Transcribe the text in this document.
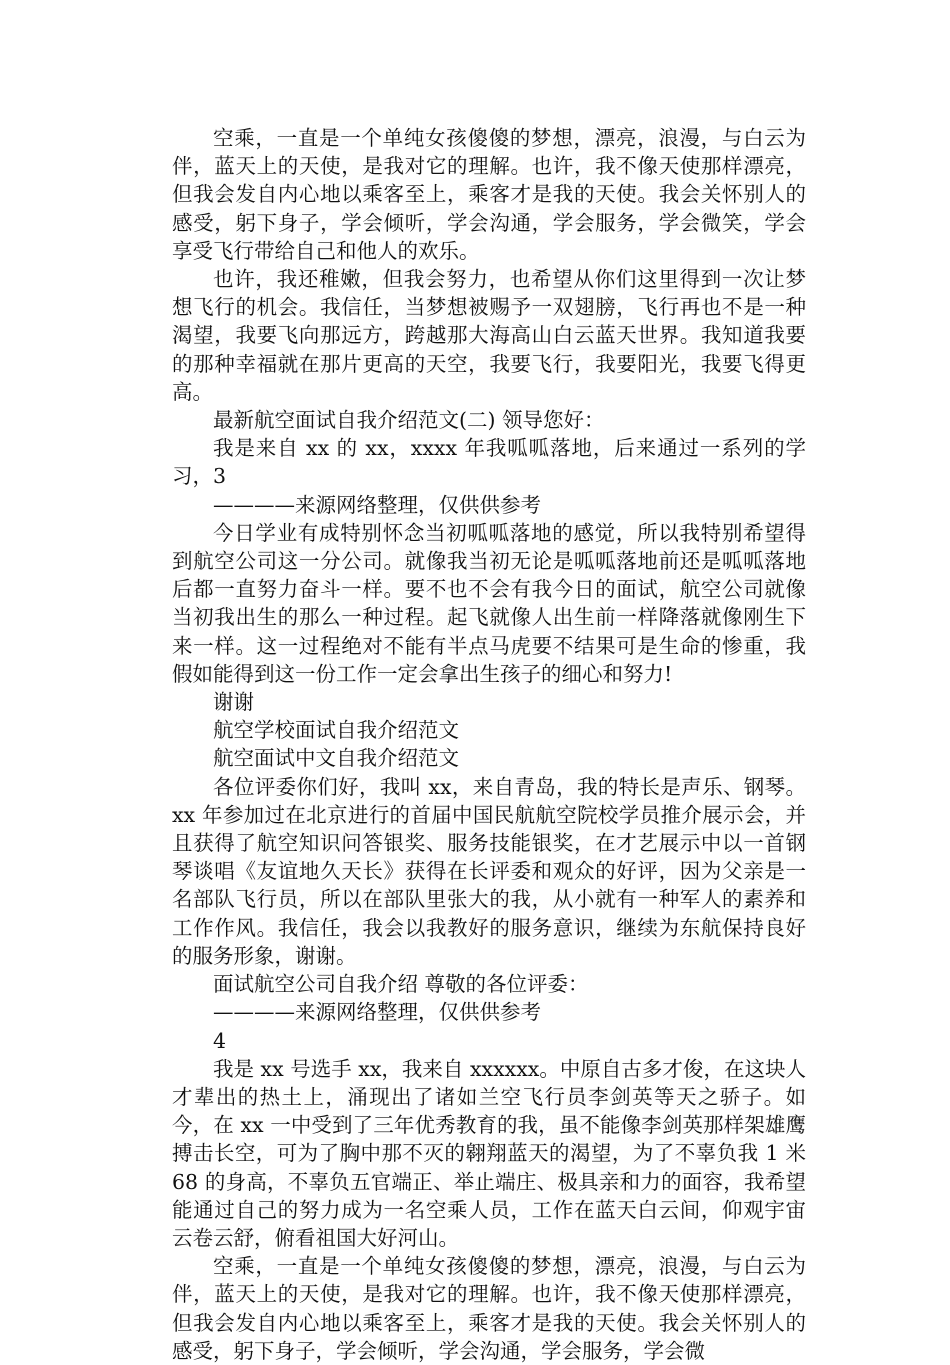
空乘，一直是一个单纯女孩傻傻的梦想，漂亮，浪漫，与白云为伴，蓝天上的天使，是我对它的理解。也许，我不像天使那样漂亮，但我会发自内心地以乘客至上，乘客才是我的天使。我会关怀别人的感受，躬下身子，学会倾听，学会沟通，学会服务，学会微笑，学会享受飞行带给自己和他人的欢乐。

也许，我还稚嫩，但我会努力，也希望从你们这里得到一次让梦想飞行的机会。我信任，当梦想被赐予一双翅膀，飞行再也不是一种渴望，我要飞向那远方，跨越那大海高山白云蓝天世界。我知道我要的那种幸福就在那片更高的天空，我要飞行，我要阳光，我要飞得更高。

最新航空面试自我介绍范文(二) 领导您好：

我是来自 xx 的 xx，xxxx 年我呱呱落地，后来通过一系列的学习，3

————来源网络整理，仅供供参考

今日学业有成特别怀念当初呱呱落地的感觉，所以我特别希望得到航空公司这一分公司。就像我当初无论是呱呱落地前还是呱呱落地后都一直努力奋斗一样。要不也不会有我今日的面试，航空公司就像当初我出生的那么一种过程。起飞就像人出生前一样降落就像刚生下来一样。这一过程绝对不能有半点马虎要不结果可是生命的惨重，我假如能得到这一份工作一定会拿出生孩子的细心和努力!

谢谢

航空学校面试自我介绍范文

航空面试中文自我介绍范文

各位评委你们好，我叫 xx，来自青岛，我的特长是声乐、钢琴。xx 年参加过在北京进行的首届中国民航航空院校学员推介展示会，并且获得了航空知识问答银奖、服务技能银奖，在才艺展示中以一首钢琴谈唱《友谊地久天长》获得在长评委和观众的好评，因为父亲是一名部队飞行员，所以在部队里张大的我，从小就有一种军人的素养和工作作风。我信任，我会以我教好的服务意识，继续为东航保持良好的服务形象，谢谢。

面试航空公司自我介绍 尊敬的各位评委：

————来源网络整理，仅供供参考

4

我是 xx 号选手 xx，我来自 xxxxxx。中原自古多才俊，在这块人才辈出的热土上，涌现出了诸如兰空飞行员李剑英等天之骄子。如今，在 xx 一中受到了三年优秀教育的我，虽不能像李剑英那样架雄鹰搏击长空，可为了胸中那不灭的翱翔蓝天的渴望，为了不辜负我 1 米 68 的身高，不辜负五官端正、举止端庄、极具亲和力的面容，我希望能通过自己的努力成为一名空乘人员，工作在蓝天白云间，仰观宇宙云卷云舒，俯看祖国大好河山。

空乘，一直是一个单纯女孩傻傻的梦想，漂亮，浪漫，与白云为伴，蓝天上的天使，是我对它的理解。也许，我不像天使那样漂亮，但我会发自内心地以乘客至上，乘客才是我的天使。我会关怀别人的感受，躬下身子，学会倾听，学会沟通，学会服务，学会微
